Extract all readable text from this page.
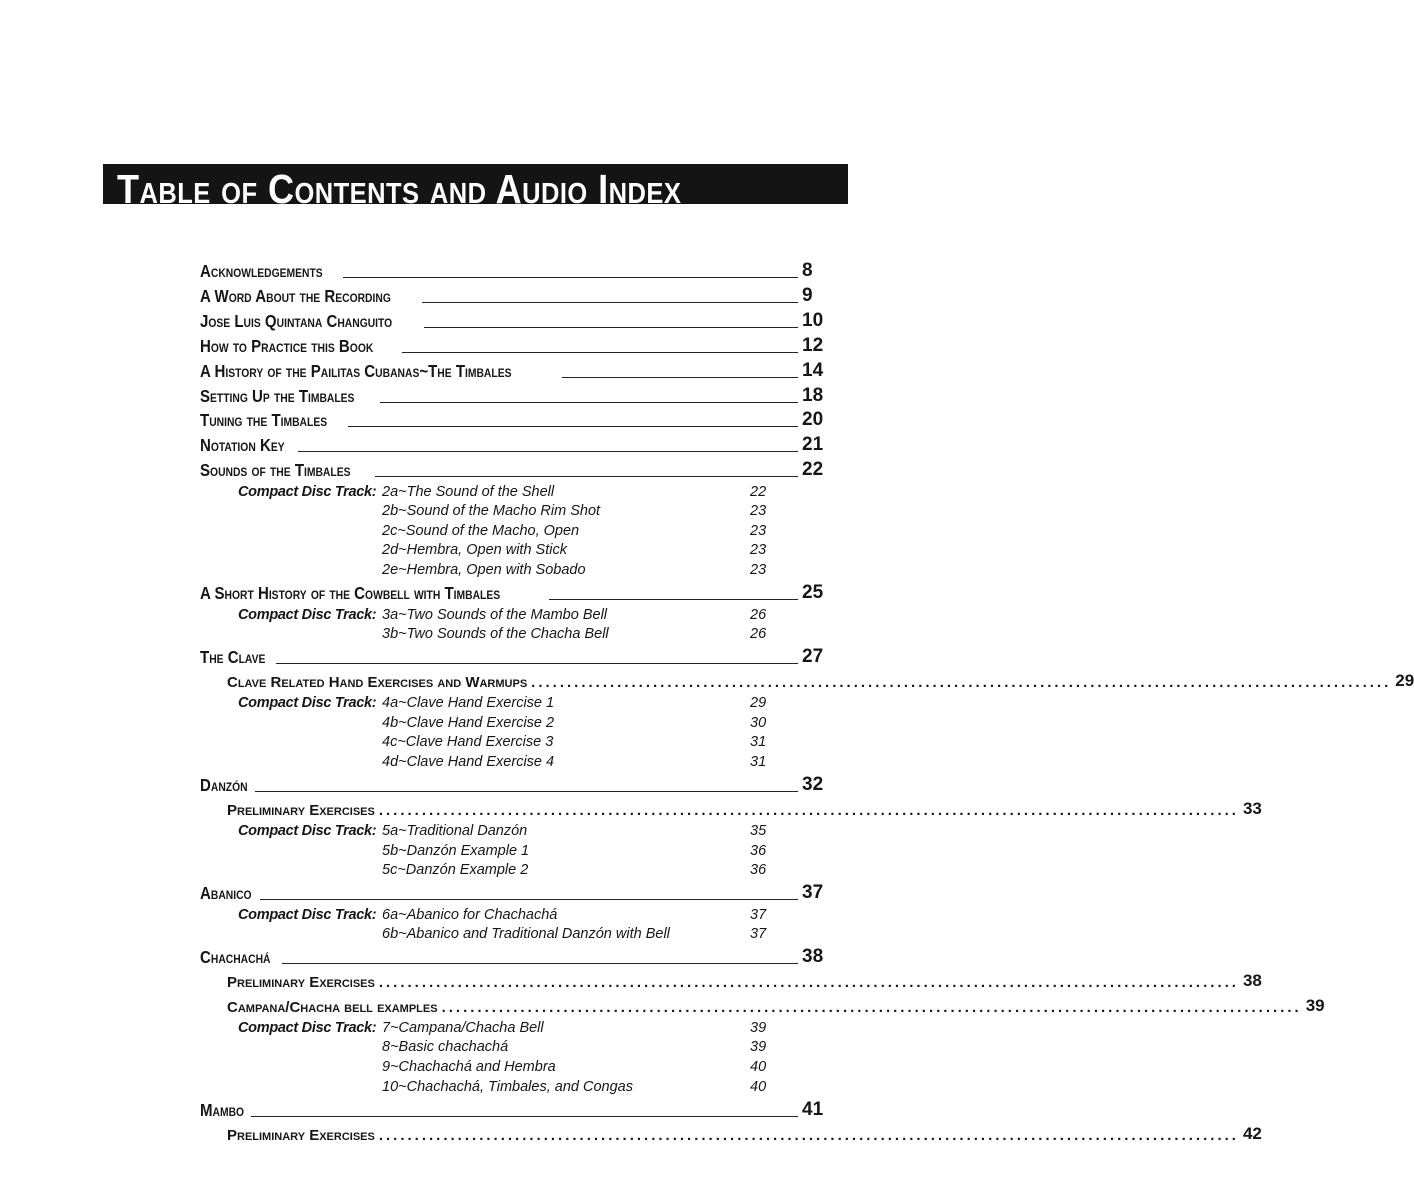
Table of Contents and Audio Index
Acknowledgements	8
A Word About the Recording	9
Jose Luis Quintana Changuito	10
How to Practice this Book	12
A History of the Pailitas Cubanas~The Timbales	14
Setting Up the Timbales	18
Tuning the Timbales	20
Notation Key	21
Sounds of the Timbales	22
Compact Disc Track: 2a~The Sound of the Shell	22
2b~Sound of the Macho Rim Shot	23
2c~Sound of the Macho, Open	23
2d~Hembra, Open with Stick	23
2e~Hembra, Open with Sobado	23
A Short History of the Cowbell with Timbales	25
Compact Disc Track: 3a~Two Sounds of the Mambo Bell	26
3b~Two Sounds of the Chacha Bell	26
The Clave	27
Clave Related Hand Exercises and Warmups ........................................................................................................................ 29
Compact Disc Track: 4a~Clave Hand Exercise 1	29
4b~Clave Hand Exercise 2	30
4c~Clave Hand Exercise 3	31
4d~Clave Hand Exercise 4	31
Danzón	32
Preliminary Exercises ........................................................................................................................ 33
Compact Disc Track: 5a~Traditional Danzón	35
5b~Danzón Example 1	36
5c~Danzón Example 2	36
Abanico	37
Compact Disc Track: 6a~Abanico for Chachachá	37
6b~Abanico and Traditional Danzón with Bell	37
Chachachá	38
Preliminary Exercises ........................................................................................................................ 38
Campana/Chacha bell examples ........................................................................................................................ 39
Compact Disc Track: 7~Campana/Chacha Bell	39
8~Basic chachachá	39
9~Chachachá and Hembra	40
10~Chachachá, Timbales, and Congas	40
Mambo	41
Preliminary Exercises ........................................................................................................................ 42
